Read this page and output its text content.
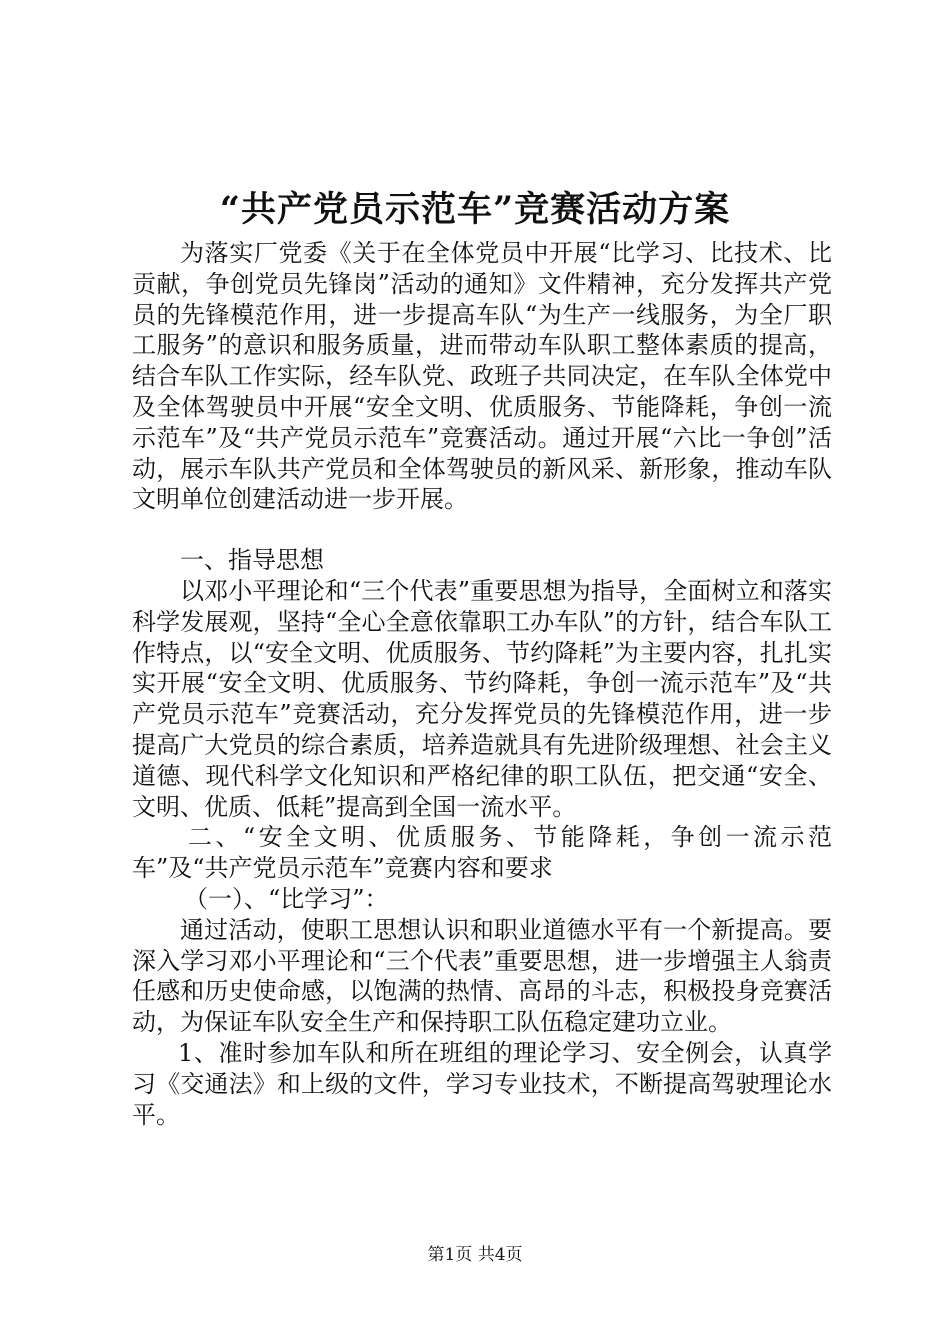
“共产党员示范车”竞赛活动方案

为落实厂党委《关于在全体党员中开展“比学习、比技术、比贡献，争创党员先锋岗”活动的通知》文件精神，充分发挥共产党员的先锋模范作用，进一步提高车队“为生产一线服务，为全厂职工服务”的意识和服务质量，进而带动车队职工整体素质的提高，结合车队工作实际，经车队党、政班子共同决定，在车队全体党中及全体驾驶员中开展“安全文明、优质服务、节能降耗，争创一流示范车”及“共产党员示范车”竞赛活动。通过开展“六比一争创”活动，展示车队共产党员和全体驾驶员的新风采、新形象，推动车队文明单位创建活动进一步开展。

一、指导思想

以邓小平理论和“三个代表”重要思想为指导，全面树立和落实科学发展观，坚持“全心全意依靠职工办车队”的方针，结合车队工作特点，以“安全文明、优质服务、节约降耗”为主要内容，扎扎实实开展“安全文明、优质服务、节约降耗，争创一流示范车”及“共产党员示范车”竞赛活动，充分发挥党员的先锋模范作用，进一步提高广大党员的综合素质，培养造就具有先进阶级理想、社会主义道德、现代科学文化知识和严格纪律的职工队伍，把交通“安全、文明、优质、低耗”提高到全国一流水平。

二、“安全文明、优质服务、节能降耗，争创一流示范车”及“共产党员示范车”竞赛内容和要求

（一）、“比学习”：

通过活动，使职工思想认识和职业道德水平有一个新提高。要深入学习邓小平理论和“三个代表”重要思想，进一步增强主人翁责任感和历史使命感，以饱满的热情、高昂的斗志，积极投身竞赛活动，为保证车队安全生产和保持职工队伍稳定建功立业。

1、准时参加车队和所在班组的理论学习、安全例会，认真学习《交通法》和上级的文件，学习专业技术，不断提高驾驶理论水平。

第1页 共4页
